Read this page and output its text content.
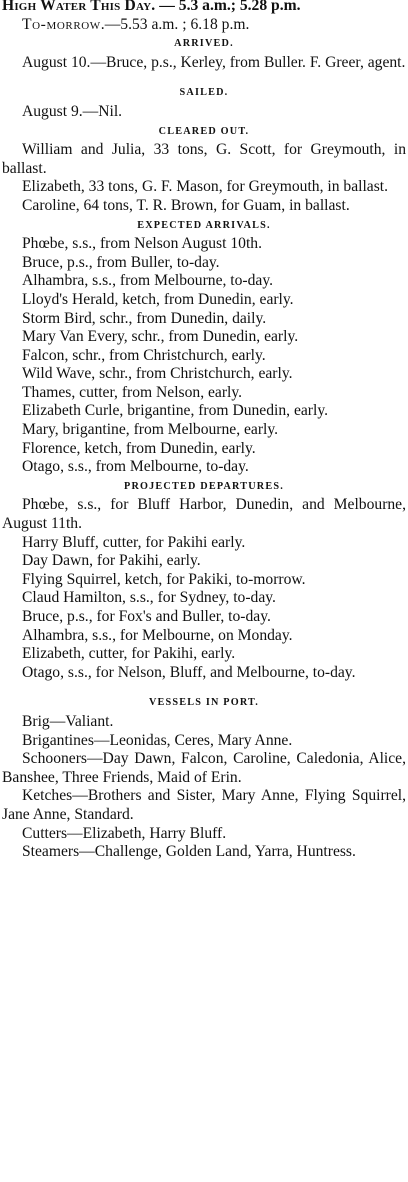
High Water This Day. — 5.3 a.m.; 5.28 p.m.

To-morrow.—5.53 a.m. ; 6.18 p.m.

ARRIVED.

August 10.—Bruce, p.s., Kerley, from Buller. F. Greer, agent.

SAILED.

August 9.—Nil.

CLEARED OUT.

William and Julia, 33 tons, G. Scott, for Greymouth, in ballast.

Elizabeth, 33 tons, G. F. Mason, for Greymouth, in ballast.

Caroline, 64 tons, T. R. Brown, for Guam, in ballast.

EXPECTED ARRIVALS.

Phœbe, s.s., from Nelson August 10th.

Bruce, p.s., from Buller, to-day.

Alhambra, s.s., from Melbourne, to-day.

Lloyd's Herald, ketch, from Dunedin, early.

Storm Bird, schr., from Dunedin, daily.

Mary Van Every, schr., from Dunedin, early.

Falcon, schr., from Christchurch, early.

Wild Wave, schr., from Christchurch, early.

Thames, cutter, from Nelson, early.

Elizabeth Curle, brigantine, from Dunedin, early.

Mary, brigantine, from Melbourne, early.

Florence, ketch, from Dunedin, early.

Otago, s.s., from Melbourne, to-day.

PROJECTED DEPARTURES.

Phœbe, s.s., for Bluff Harbor, Dunedin, and Melbourne, August 11th.

Harry Bluff, cutter, for Pakihi early.

Day Dawn, for Pakihi, early.

Flying Squirrel, ketch, for Pakiki, to-morrow.

Claud Hamilton, s.s., for Sydney, to-day.

Bruce, p.s., for Fox's and Buller, to-day.

Alhambra, s.s., for Melbourne, on Monday.

Elizabeth, cutter, for Pakihi, early.

Otago, s.s., for Nelson, Bluff, and Melbourne, to-day.

VESSELS IN PORT.

Brig—Valiant.

Brigantines—Leonidas, Ceres, Mary Anne.

Schooners—Day Dawn, Falcon, Caroline, Caledonia, Alice, Banshee, Three Friends, Maid of Erin.

Ketches—Brothers and Sister, Mary Anne, Flying Squirrel, Jane Anne, Standard.

Cutters—Elizabeth, Harry Bluff.

Steamers—Challenge, Golden Land, Yarra, Huntress.
